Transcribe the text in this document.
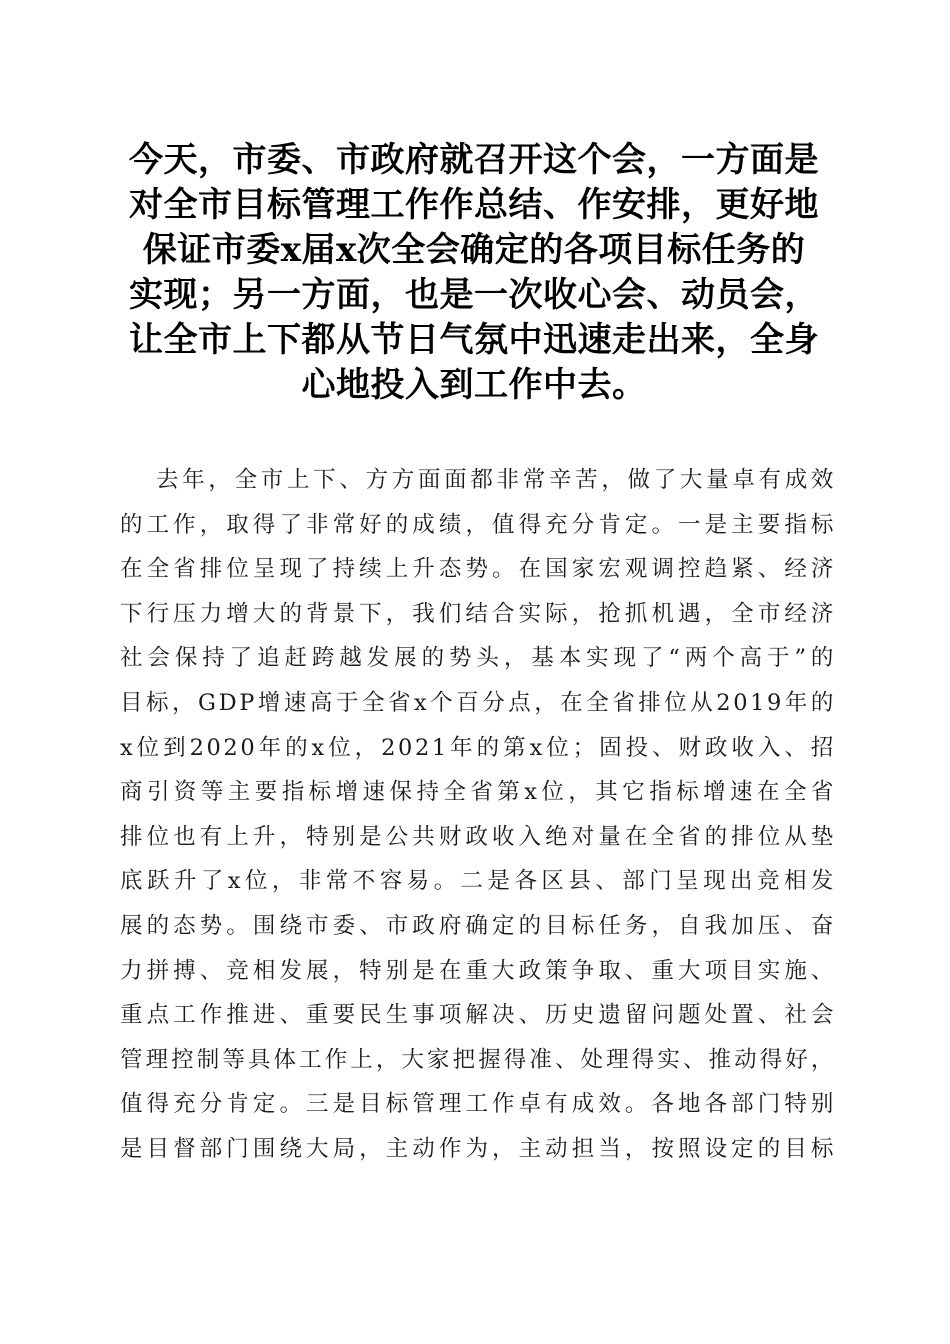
今天，市委、市政府就召开这个会，一方面是
对全市目标管理工作作总结、作安排，更好地
保证市委x届x次全会确定的各项目标任务的
实现；另一方面，也是一次收心会、动员会，
让全市上下都从节日气氛中迅速走出来，全身
心地投入到工作中去。
去年，全市上下、方方面面都非常辛苦，做了大量卓有成效
的工作，取得了非常好的成绩，值得充分肯定。一是主要指标
在全省排位呈现了持续上升态势。在国家宏观调控趋紧、经济
下行压力增大的背景下，我们结合实际，抢抓机遇，全市经济
社会保持了追赶跨越发展的势头，基本实现了“两个高于”的
目标，GDP增速高于全省x个百分点，在全省排位从2019年的
x位到2020年的x位，2021年的第x位；固投、财政收入、招
商引资等主要指标增速保持全省第x位，其它指标增速在全省
排位也有上升，特别是公共财政收入绝对量在全省的排位从垫
底跃升了x位，非常不容易。二是各区县、部门呈现出竞相发
展的态势。围绕市委、市政府确定的目标任务，自我加压、奋
力拼搏、竞相发展，特别是在重大政策争取、重大项目实施、
重点工作推进、重要民生事项解决、历史遗留问题处置、社会
管理控制等具体工作上，大家把握得准、处理得实、推动得好，
值得充分肯定。三是目标管理工作卓有成效。各地各部门特别
是目督部门围绕大局，主动作为，主动担当，按照设定的目标
